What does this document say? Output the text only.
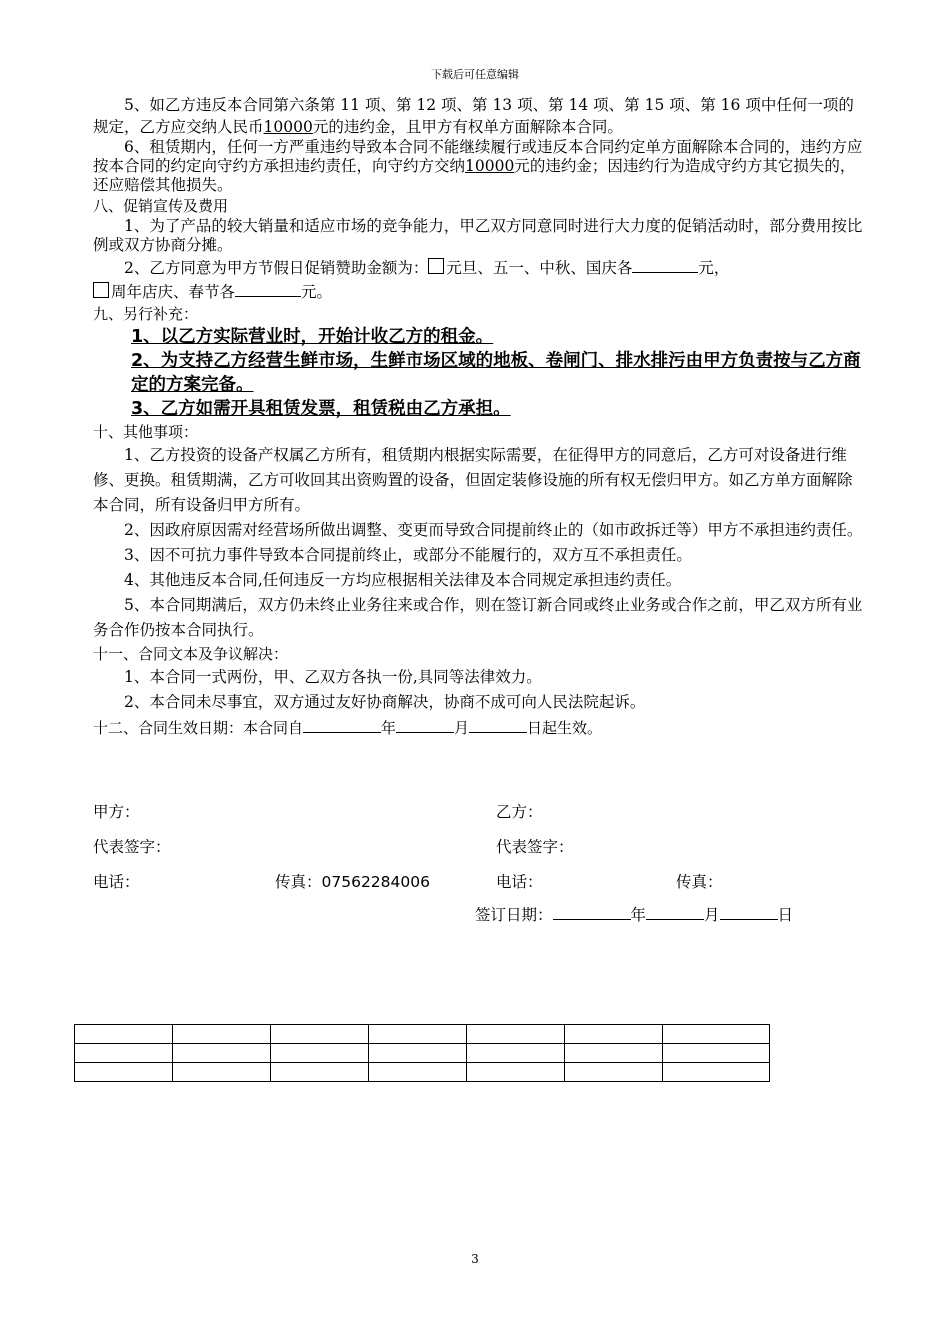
下载后可任意编辑

5、如乙方违反本合同第六条第 11 项、第 12 项、第 13 项、第 14 项、第 15 项、第 16 项中任何一项的规定，乙方应交纳人民币10000元的违约金，且甲方有权单方面解除本合同。

6、租赁期内，任何一方严重违约导致本合同不能继续履行或违反本合同约定单方面解除本合同的，违约方应按本合同的约定向守约方承担违约责任，向守约方交纳10000元的违约金；因违约行为造成守约方其它损失的，还应赔偿其他损失。

八、促销宣传及费用

1、为了产品的较大销量和适应市场的竞争能力，甲乙双方同意同时进行大力度的促销活动时，部分费用按比例或双方协商分摊。

2、乙方同意为甲方节假日促销赞助金额为： 元旦、五一、中秋、国庆各	元，

周年店庆、春节各	元。

九、另行补充：

1、以乙方实际营业时，开始计收乙方的租金。

2、为支持乙方经营生鲜市场，生鲜市场区域的地板、卷闸门、排水排污由甲方负责按与乙方商定的方案完备。

3、乙方如需开具租赁发票，租赁税由乙方承担。

十、其他事项：

1、乙方投资的设备产权属乙方所有，租赁期内根据实际需要，在征得甲方的同意后，乙方可对设备进行维修、更换。租赁期满，乙方可收回其出资购置的设备，但固定装修设施的所有权无偿归甲方。如乙方单方面解除本合同，所有设备归甲方所有。

2、因政府原因需对经营场所做出调整、变更而导致合同提前终止的（如市政拆迁等）甲方不承担违约责任。

3、因不可抗力事件导致本合同提前终止，或部分不能履行的，双方互不承担责任。

4、其他违反本合同,任何违反一方均应根据相关法律及本合同规定承担违约责任。

5、本合同期满后，双方仍未终止业务往来或合作，则在签订新合同或终止业务或合作之前，甲乙双方所有业务合作仍按本合同执行。

十一、合同文本及争议解决：

1、本合同一式两份，甲、乙双方各执一份,具同等法律效力。

2、本合同未尽事宜，双方通过友好协商解决，协商不成可向人民法院起诉。

十二、合同生效日期：本合同自	年	月	日起生效。

甲方：	乙方：
代表签字：	代表签字：
电话：	传真：07562284006	电话：	传真：
签订日期：	年	月	日

3
